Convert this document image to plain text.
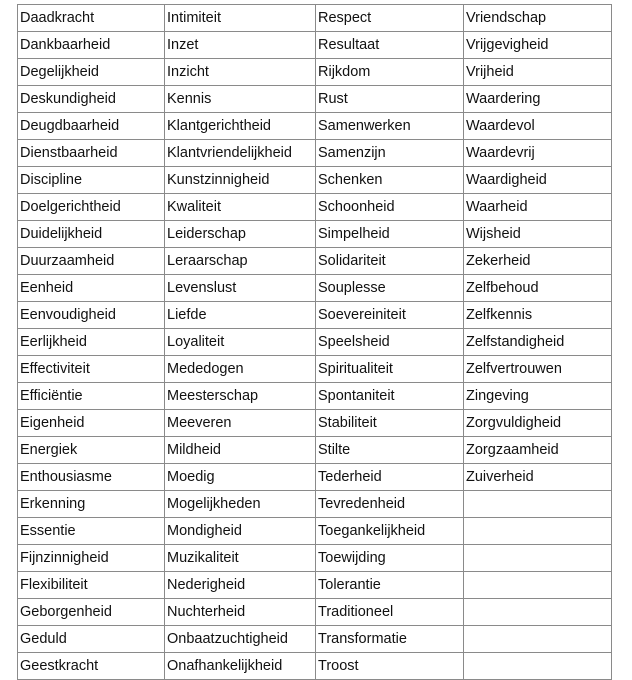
Daadkracht	Intimiteit	Respect	Vriendschap
Dankbaarheid	Inzet	Resultaat	Vrijgevigheid
Degelijkheid	Inzicht	Rijkdom	Vrijheid
Deskundigheid	Kennis	Rust	Waardering
Deugdbaarheid	Klantgerichtheid	Samenwerken	Waardevol
Dienstbaarheid	Klantvriendelijkheid	Samenzijn	Waardevrij
Discipline	Kunstzinnigheid	Schenken	Waardigheid
Doelgerichtheid	Kwaliteit	Schoonheid	Waarheid
Duidelijkheid	Leiderschap	Simpelheid	Wijsheid
Duurzaamheid	Leraarschap	Solidariteit	Zekerheid
Eenheid	Levenslust	Souplesse	Zelfbehoud
Eenvoudigheid	Liefde	Soevereiniteit	Zelfkennis
Eerlijkheid	Loyaliteit	Speelsheid	Zelfstandigheid
Effectiviteit	Mededogen	Spiritualiteit	Zelfvertrouwen
Efficiëntie	Meesterschap	Spontaniteit	Zingeving
Eigenheid	Meeveren	Stabiliteit	Zorgvuldigheid
Energiek	Mildheid	Stilte	Zorgzaamheid
Enthousiasme	Moedig	Tederheid	Zuiverheid
Erkenning	Mogelijkheden	Tevredenheid	
Essentie	Mondigheid	Toegankelijkheid	
Fijnzinnigheid	Muzikaliteit	Toewijding	
Flexibiliteit	Nederigheid	Tolerantie	
Geborgenheid	Nuchterheid	Traditioneel	
Geduld	Onbaatzuchtigheid	Transformatie	
Geestkracht	Onafhankelijkheid	Troost	
